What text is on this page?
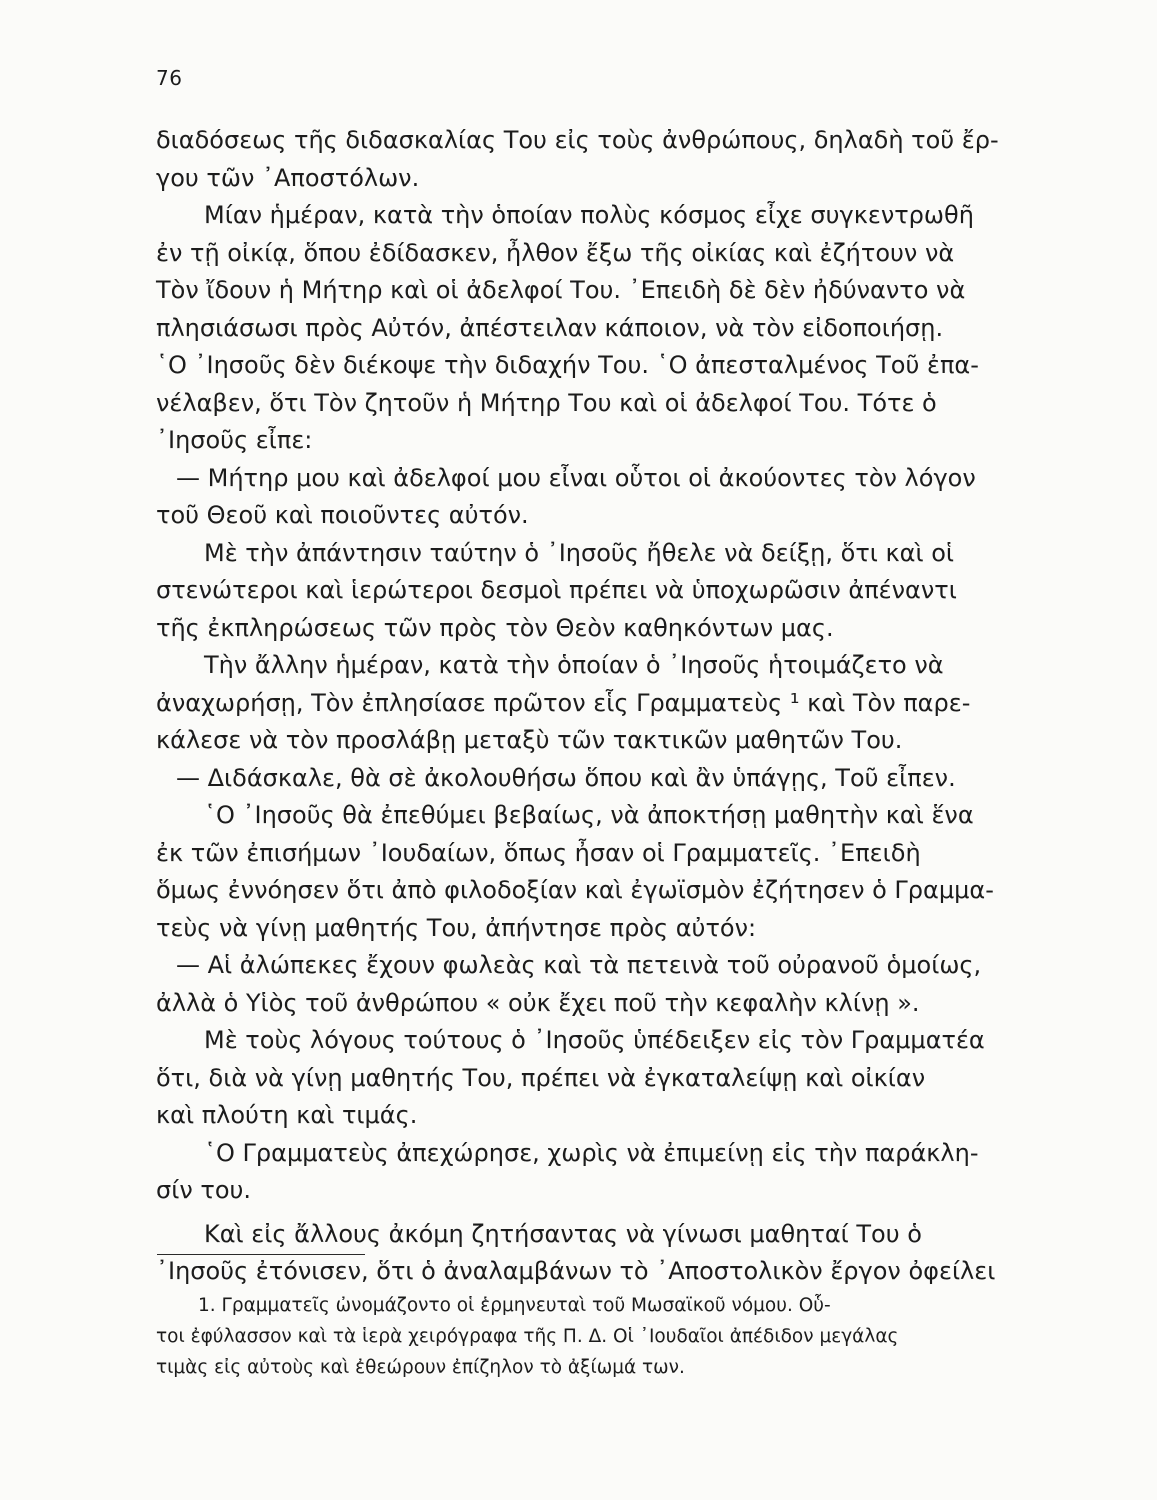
76
διαδόσεως τῆς διδασκαλίας Του εἰς τοὺς ἀνθρώπους, δηλαδὴ τοῦ ἔρ-
γου τῶν ᾿Αποστόλων.
Μίαν ἡμέραν, κατὰ τὴν ὁποίαν πολὺς κόσμος εἶχε συγκεντρωθῆ
ἐν τῇ οἰκίᾳ, ὅπου ἐδίδασκεν, ἦλθον ἔξω τῆς οἰκίας καὶ ἐζήτουν νὰ
Τὸν ἴδουν ἡ Μήτηρ καὶ οἱ ἀδελφοί Του. ᾿Επειδὴ δὲ δὲν ἠδύναντο νὰ
πλησιάσωσι πρὸς Αὐτόν, ἀπέστειλαν κάποιον, νὰ τὸν εἰδοποιήσῃ.
῾Ο ᾿Ιησοῦς δὲν διέκοψε τὴν διδαχήν Του. ῾Ο ἀπεσταλμένος Τοῦ ἐπα-
νέλαβεν, ὅτι Τὸν ζητοῦν ἡ Μήτηρ Του καὶ οἱ ἀδελφοί Του. Τότε ὁ
᾿Ιησοῦς εἶπε:
— Μήτηρ μου καὶ ἀδελφοί μου εἶναι οὗτοι οἱ ἀκούοντες τὸν λόγον
τοῦ Θεοῦ καὶ ποιοῦντες αὐτόν.
Μὲ τὴν ἀπάντησιν ταύτην ὁ ᾿Ιησοῦς ἤθελε νὰ δείξῃ, ὅτι καὶ οἱ
στενώτεροι καὶ ἱερώτεροι δεσμοὶ πρέπει νὰ ὑποχωρῶσιν ἀπέναντι
τῆς ἐκπληρώσεως τῶν πρὸς τὸν Θεὸν καθηκόντων μας.
Τὴν ἄλλην ἡμέραν, κατὰ τὴν ὁποίαν ὁ ᾿Ιησοῦς ἡτοιμάζετο νὰ
ἀναχωρήσῃ, Τὸν ἐπλησίασε πρῶτον εἷς Γραμματεὺς ¹ καὶ Τὸν παρε-
κάλεσε νὰ τὸν προσλάβῃ μεταξὺ τῶν τακτικῶν μαθητῶν Του.
— Διδάσκαλε, θὰ σὲ ἀκολουθήσω ὅπου καὶ ἂν ὑπάγῃς, Τοῦ εἶπεν.
῾Ο ᾿Ιησοῦς θὰ ἐπεθύμει βεβαίως, νὰ ἀποκτήσῃ μαθητὴν καὶ ἕνα
ἐκ τῶν ἐπισήμων ᾿Ιουδαίων, ὅπως ἦσαν οἱ Γραμματεῖς. ᾿Επειδὴ
ὅμως ἐννόησεν ὅτι ἀπὸ φιλοδοξίαν καὶ ἐγωϊσμὸν ἐζήτησεν ὁ Γραμμα-
τεὺς νὰ γίνῃ μαθητής Του, ἀπήντησε πρὸς αὐτόν:
— Αἱ ἀλώπεκες ἔχουν φωλεὰς καὶ τὰ πετεινὰ τοῦ οὐρανοῦ ὁμοίως,
ἀλλὰ ὁ Υἱὸς τοῦ ἀνθρώπου « οὐκ ἔχει ποῦ τὴν κεφαλὴν κλίνῃ ».
Μὲ τοὺς λόγους τούτους ὁ ᾿Ιησοῦς ὑπέδειξεν εἰς τὸν Γραμματέα
ὅτι, διὰ νὰ γίνῃ μαθητής Του, πρέπει νὰ ἐγκαταλείψῃ καὶ οἰκίαν
καὶ πλούτη καὶ τιμάς.
῾Ο Γραμματεὺς ἀπεχώρησε, χωρὶς νὰ ἐπιμείνῃ εἰς τὴν παράκλη-
σίν του.
Καὶ εἰς ἄλλους ἀκόμη ζητήσαντας νὰ γίνωσι μαθηταί Του ὁ
᾿Ιησοῦς ἐτόνισεν, ὅτι ὁ ἀναλαμβάνων τὸ ᾿Αποστολικὸν ἔργον ὀφείλει
1. Γραμματεῖς ὠνομάζοντο οἱ ἑρμηνευταὶ τοῦ Μωσαϊκοῦ νόμου. Οὗ-
τοι ἐφύλασσον καὶ τὰ ἱερὰ χειρόγραφα τῆς Π. Δ. Οἱ ᾿Ιουδαῖοι ἀπέδιδον μεγάλας
τιμὰς εἰς αὐτοὺς καὶ ἐθεώρουν ἐπίζηλον τὸ ἀξίωμά των.
